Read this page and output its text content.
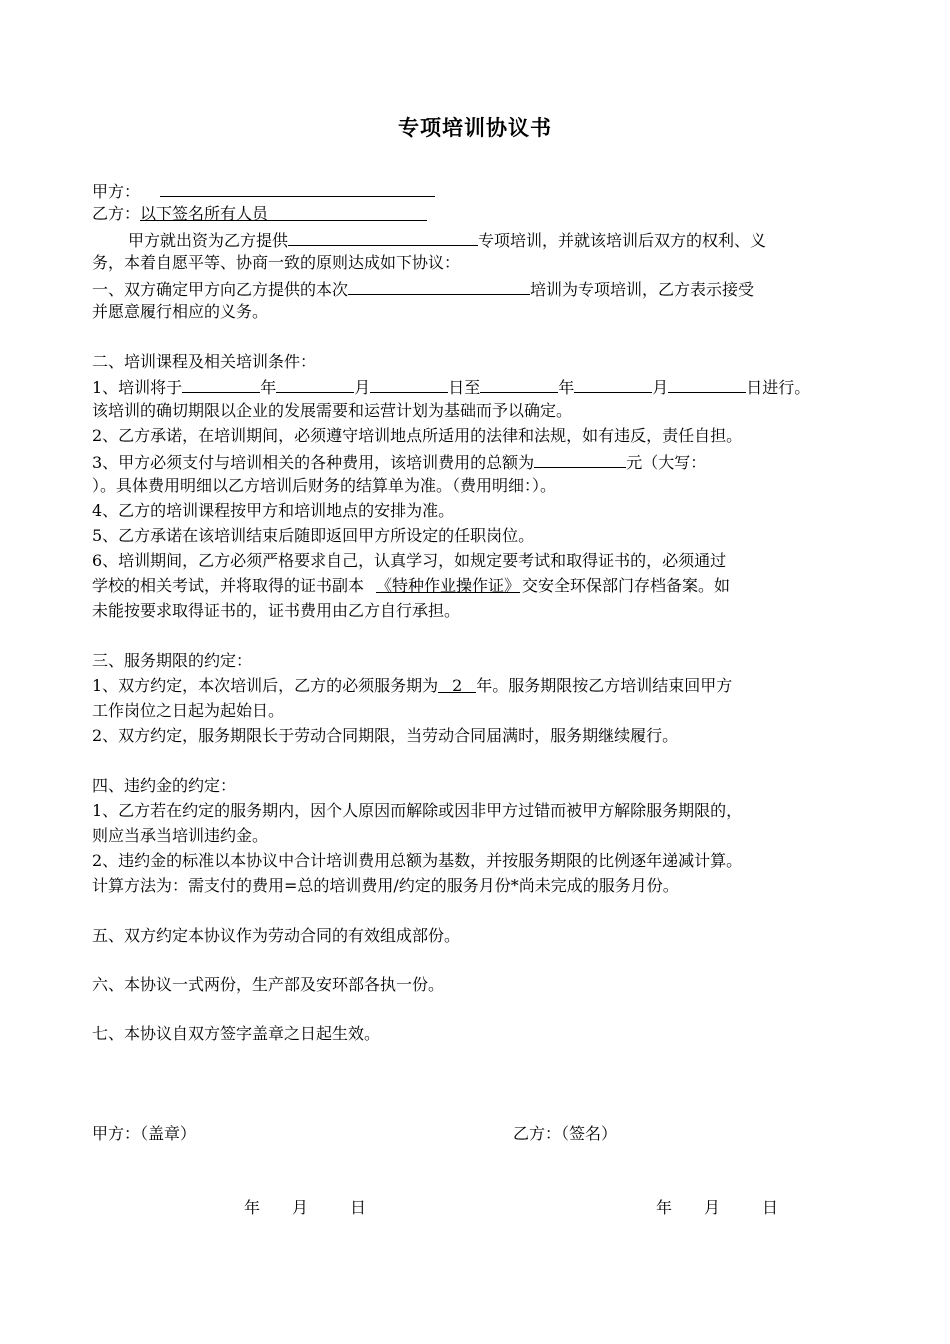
专项培训协议书
甲方：
乙方：以下签名所有人员
甲方就出资为乙方提供	专项培训，并就该培训后双方的权利、义
务，本着自愿平等、协商一致的原则达成如下协议：
一、双方确定甲方向乙方提供的本次	培训为专项培训，乙方表示接受
并愿意履行相应的义务。
二、培训课程及相关培训条件：
1、培训将于	年	月	日至	年	月	日进行。
该培训的确切期限以企业的发展需要和运营计划为基础而予以确定。
2、乙方承诺，在培训期间，必须遵守培训地点所适用的法律和法规，如有违反，责任自担。
3、甲方必须支付与培训相关的各种费用，该培训费用的总额为	元（大写：
）。具体费用明细以乙方培训后财务的结算单为准。（费用明细：）。
4、乙方的培训课程按甲方和培训地点的安排为准。
5、乙方承诺在该培训结束后随即返回甲方所设定的任职岗位。
6、培训期间，乙方必须严格要求自己，认真学习，如规定要考试和取得证书的，必须通过
学校的相关考试，并将取得的证书副本 《特种作业操作证》 交安全环保部门存档备案。如
未能按要求取得证书的，证书费用由乙方自行承担。
三、服务期限的约定：
1、双方约定，本次培训后，乙方的必须服务期为 2 年。服务期限按乙方培训结束回甲方
工作岗位之日起为起始日。
2、双方约定，服务期限长于劳动合同期限，当劳动合同届满时，服务期继续履行。
四、违约金的约定：
1、乙方若在约定的服务期内，因个人原因而解除或因非甲方过错而被甲方解除服务期限的，
则应当承当培训违约金。
2、违约金的标准以本协议中合计培训费用总额为基数，并按服务期限的比例逐年递减计算。
计算方法为：需支付的费用=总的培训费用/约定的服务月份*尚未完成的服务月份。
五、双方约定本协议作为劳动合同的有效组成部份。
六、本协议一式两份，生产部及安环部各执一份。
七、本协议自双方签字盖章之日起生效。
甲方：（盖章）	乙方：（签名）
年 月	日	年 月	日
